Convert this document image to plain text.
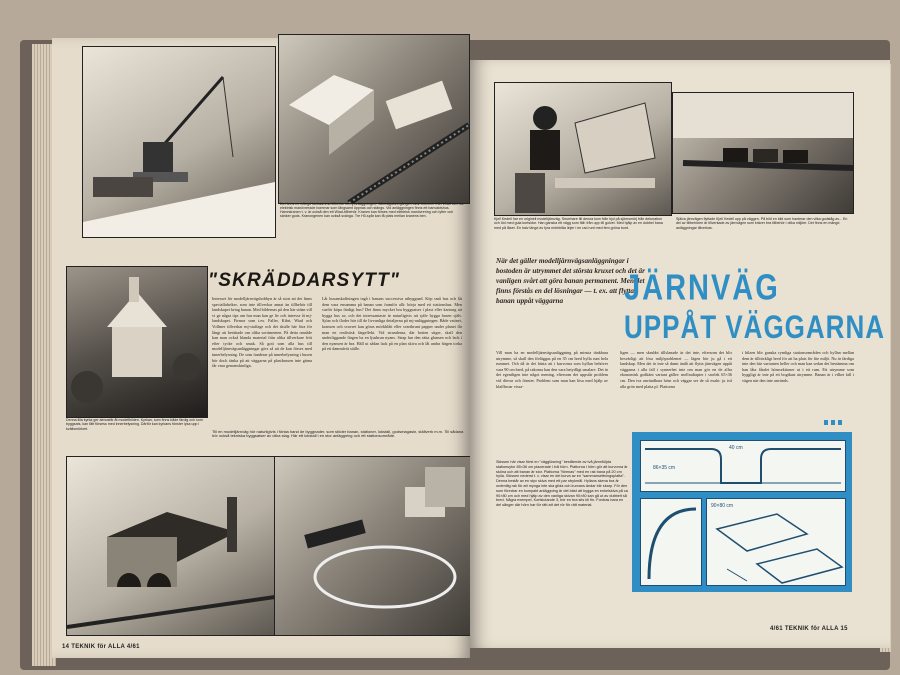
Hamnkranen t. v. är också den ett Wiad-tillbehör. Kranen kan förses med elektrisk manövrering och lyfter och sänker gods. Kranongenen kan också svänga. Tre H0-spår kan få plats mellan kranens ben.
Det finns en mängd tacksamma tillbehör till mj-anläggningen. Järnvägsövergången ovan kommer från Wiad och har elektrisk manövrerade bommar som långsamt öppnas och stängs. Vid anläggningen finns ett banvaktshus.
Denna lilla kyrka ger atmosfär åt modellbilden. Kyrkan, som finns både färdig och som byggsats, kan fått försess med innerbelysning. Därför kan kyrkans fönster lysa upp i kvällsmörkret.
"SKRÄDDARSYTT"
Intresset för modelljärnvägshobbyn är så stort att det finns specialfabriker, som inte tillverkar annat än tillbehör till landskapet kring banan. Med bildernas på den här sidan vill vi ge några tips om hur man kan ge liv och intresse åt mj-landskapet. Firmor som t.ex. Faller, Kibri, Wiad och Vollmer tillverkar mj-staffage och det skulle här föra för långt att berättade om olika sortimenten. På detta område kan man också blanda material från olika tillverkare fritt efter tycke och smak. Så gott som alla hus till modelljärnvägsanläggningar görs så att de kan förses med innerbelysning. De som funderar på innerbelysning i husen bör dock tänka på att väggarna på plastbussen inte gärna får vara genomskinliga.
Låt husanskaffningen ingå i banans successiva utbyggnad. Köp små hus och låt dem vara ensamma på banan som framför allt: börja med ett stationshus. Men varför köpa färdigt hus? Det finns mycket bra byggsatser i plast eller kartong att bygga hus av, och det intressantaste är naturligtvis att själv bygga husen själv. Sjöar och floder hör till de livvanliga detaljerna på mj-anläggningen. Både vattnet, kransen och svavret kan göras mörkblått eller svartbrunt papper under planet får man en realistisk färgeffekt. Vid stranderna, där botten stiger, skall den underliggande färgen ha en ljusbrun nyans. Strap har den rätta glansen och lack i den nyansen är bra. Häll ut sådan lack på en plan skiva och låt andra färgen torka på ett dammfritt ställe.
Till en modelljärnväg hör naturligtvis i första hand de byggnader, som stöder banan, stationer, lokstall, godsmagasin, ställverk m.m. Till sådana hör också tekniska byggsatser av olika slag. Här ett lokstall i en stor anläggning och ett stationsområde.
14 TEKNIK för ALLA 4/61
Kjell Kedell har en originell modelljärnväg. Snurrbare till denna kom från hjul på sjömsmörj från dekoration och löd med gula kortsidor. Han ganska ett vägg som fält: från upp till golvet. Med hjälp av en dubbel bana med på låset. En halv längd av fyra mörkblåa linjer i en rad runt med fem gröna bord.
Själva järnvägen flyttade Kjell Kedell upp på väggen. På bild en bild som hanterar den vilka godståg av... En del av tillbehören är tillverkade av järnvägen som kräver bra tillbehör i olika miljöer. Det finns en mängd anläggningar tillverkas.
När det gäller modelljärnvägsanläggningar i bostoden är utrymmet det största kruxet och det är vanligen svårt att göra banan permanent. Men det finns förstås en del lösningar — t. ex. att flytta banan uppåt väggarna	JÄRNVÄG
UPPÅT VÄGGARNA
Vill man ha en modelljärnvägsanläggning på minsta tänkbara utrymme, så skall den förläggas på en 35 cm bred hylla runt hela rummet. Och då är det bästa att i kurvorna som hyllan behöver vara 90 cm bred, på rakorna kan den vara betydligt smalare. Det är det egentligen inte något mening, eftersom det uppstår problem vid dörrar och fönster. Problem som man kan lösa med hjälp av klaffbroar vissa-
ligen — men skrubbt tillslanade är det inte, eftersom det blir besvärligt att lösa miljöproblemet — lägen bör ju gå i ett landskap. Men det är inte så dumt ändå att flytta järnvägen uppåt väggarna i alla fall i synnerhet inte om man gör en de allra ekonomisk godkänt variant gäller: mellradiapter i storlek 65×36 cm. Den tva användbara hörn och väggar ser de så exakt: ju två alla grön med platta pl. Plattorna
i bilzen blir ganska rymliga stationsområden och hyllan mellan dem är tillräckligt bred för att ha plats för lite miljö. Nu är färdiga inte den här varianten heller och man kan sedan det bestämma om han låta fåtalet hörnsektioner ut i ett rum. Ett utrymme som hyggligt är inte på ett bogikast utrymme. Banan är i vilket fall i vägen när den inte används.
Skissen här visar först en "vägglösning" bestående av två jämnföljda stationsytor 85×36 cm placerade i två hörn. Plattorna i hörn gör att kurvorna är sköna och att banan är stor. Plattorna "förenas" med en rak bana på 20 cm hylla. Skissen nederst t. v. visar en del kurva av en "sammansettningsplatta". Denna består av en styv skiva med ett par strykmål. Hyllans skena bra är ordentlig rak för att mynga inte ska glida och kurvans ändar blir skarp. För den som föredrar en kompakt anläggning är det bäst att bygga en enkelskiva på ca 90×80 cm och med hjälp av den vanliga skivan 90×80 kan gå ut av dubbelt så bred. Några exempel, Kortslutande 3, bör en bra sits bli fin. Fordras bara en del sånger där hörn har för rätt att det rör för rätt material.
40 cm
86×35 cm
90×80 cm
4/61 TEKNIK för ALLA 15
